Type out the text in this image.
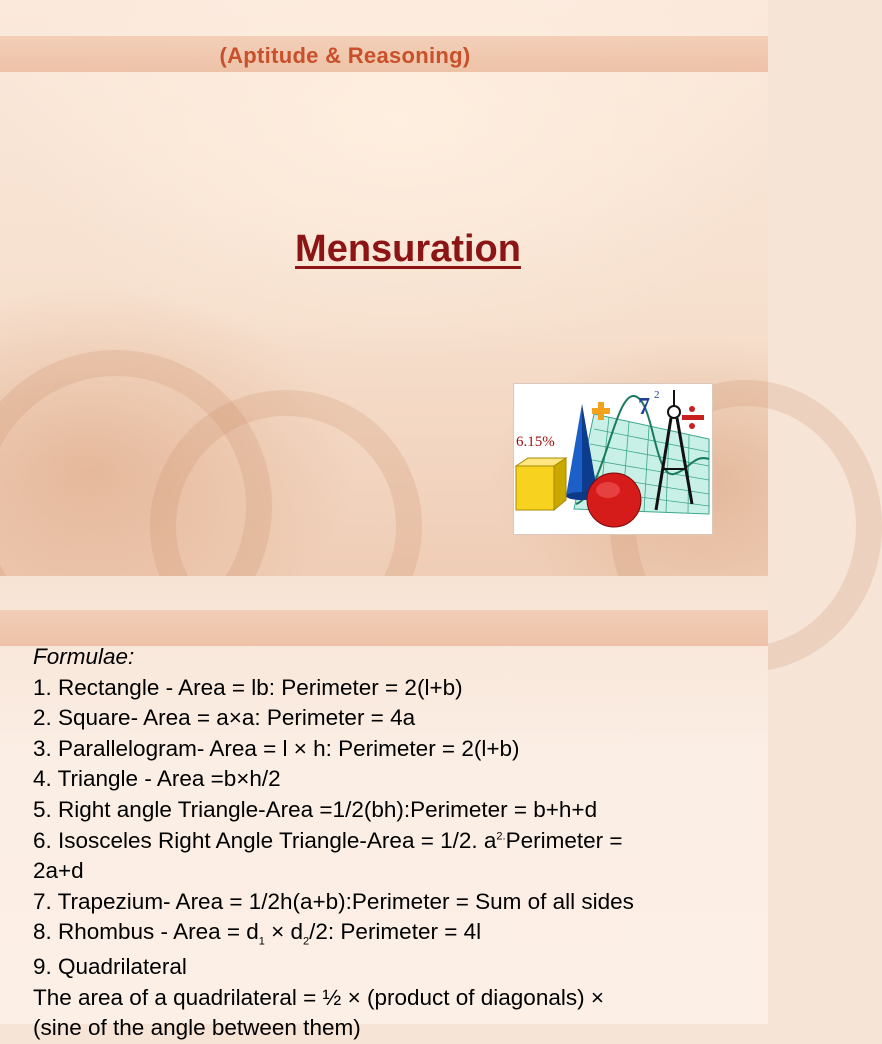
(Aptitude & Reasoning)
Mensuration
6.15%
7 2
Formulae:
1. Rectangle - Area = lb: Perimeter = 2(l+b)
2. Square- Area = a×a: Perimeter = 4a
3. Parallelogram- Area = l × h: Perimeter = 2(l+b)
4. Triangle - Area =b×h/2
5. Right angle Triangle-Area =1/2(bh):Perimeter = b+h+d
6. Isosceles Right Angle Triangle-Area = 1/2. $a^{2.}Perimeter$ =
2a+d
7. Trapezium- Area = 1/2h(a+b):Perimeter = Sum of all sides
8. Rhombus - Area = $d_1 \times d_2/2$: Perimeter = 4l
9. Quadrilateral
The area of a quadrilateral = ½ × (product of diagonals) ×
(sine of the angle between them)
